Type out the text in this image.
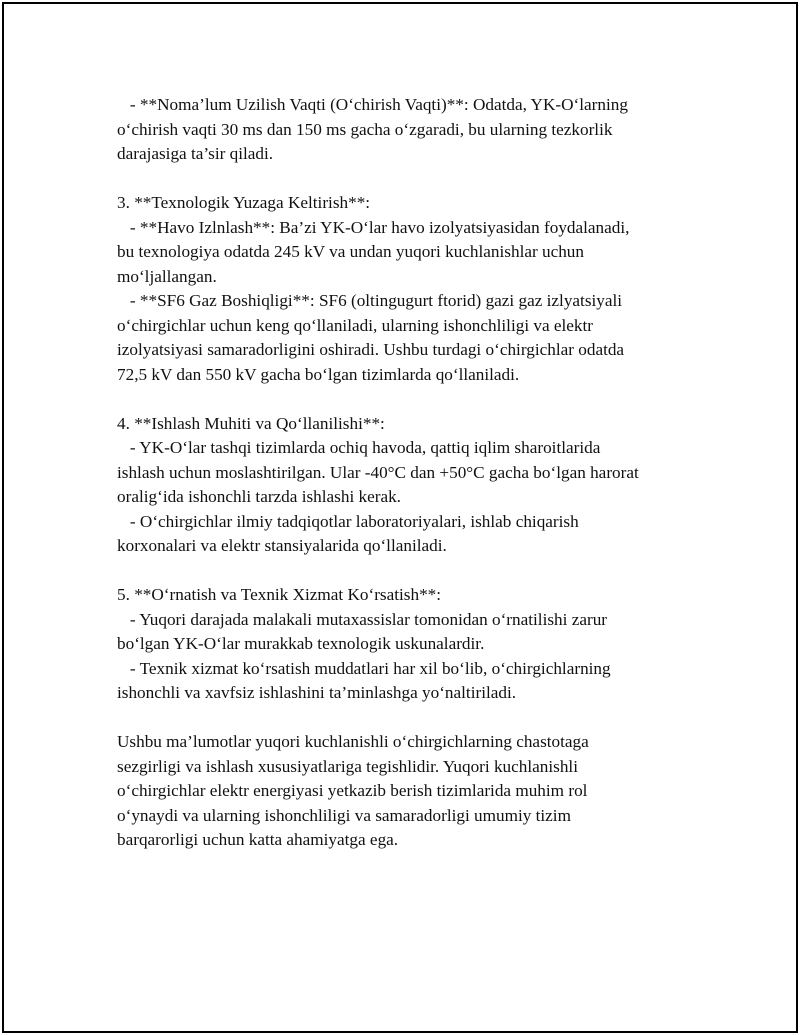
- **Noma’lum Uzilish Vaqti (O‘chirish Vaqti)**: Odatda, YK-O‘larning

o‘chirish vaqti 30 ms dan 150 ms gacha o‘zgaradi, bu ularning tezkorlik

darajasiga ta’sir qiladi.

3. **Texnologik Yuzaga Keltirish**:

- **Havo Izlnlash**: Ba’zi YK-O‘lar havo izolyatsiyasidan foydalanadi,

bu texnologiya odatda 245 kV va undan yuqori kuchlanishlar uchun

mo‘ljallangan.

- **SF6 Gaz Boshiqligi**: SF6 (oltingugurt ftorid) gazi gaz izlyatsiyali

o‘chirgichlar uchun keng qo‘llaniladi, ularning ishonchliligi va elektr

izolyatsiyasi samaradorligini oshiradi. Ushbu turdagi o‘chirgichlar odatda

72,5 kV dan 550 kV gacha bo‘lgan tizimlarda qo‘llaniladi.

4. **Ishlash Muhiti va Qo‘llanilishi**:

- YK-O‘lar tashqi tizimlarda ochiq havoda, qattiq iqlim sharoitlarida

ishlash uchun moslashtirilgan. Ular -40°C dan +50°C gacha bo‘lgan harorat

oralig‘ida ishonchli tarzda ishlashi kerak.

- O‘chirgichlar ilmiy tadqiqotlar laboratoriyalari, ishlab chiqarish

korxonalari va elektr stansiyalarida qo‘llaniladi.

5. **O‘rnatish va Texnik Xizmat Ko‘rsatish**:

- Yuqori darajada malakali mutaxassislar tomonidan o‘rnatilishi zarur

bo‘lgan YK-O‘lar murakkab texnologik uskunalardir.

- Texnik xizmat ko‘rsatish muddatlari har xil bo‘lib, o‘chirgichlarning

ishonchli va xavfsiz ishlashini ta’minlashga yo‘naltiriladi.

Ushbu ma’lumotlar yuqori kuchlanishli o‘chirgichlarning chastotaga

sezgirligi va ishlash xususiyatlariga tegishlidir. Yuqori kuchlanishli

o‘chirgichlar elektr energiyasi yetkazib berish tizimlarida muhim rol

o‘ynaydi va ularning ishonchliligi va samaradorligi umumiy tizim

barqarorligi uchun katta ahamiyatga ega.
